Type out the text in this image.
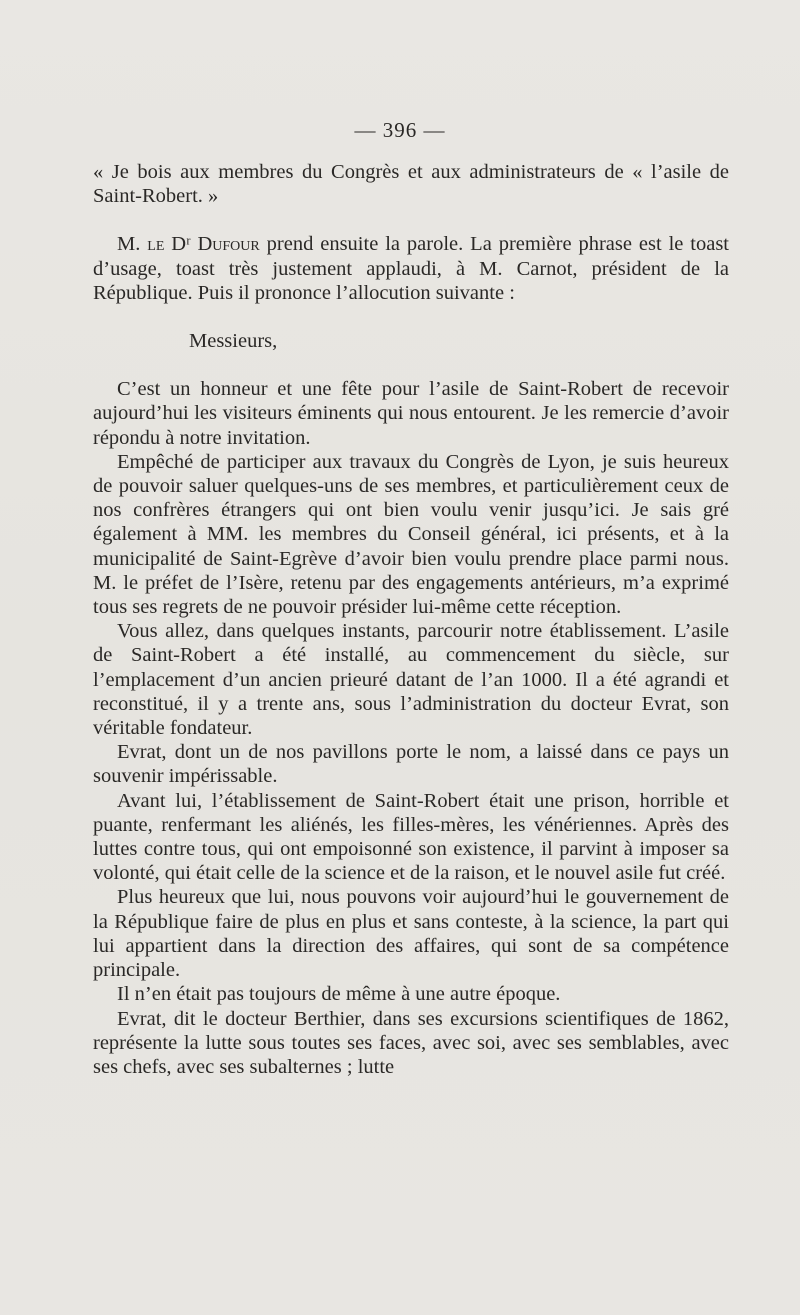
— 396 —

« Je bois aux membres du Congrès et aux administrateurs de « l’asile de Saint-Robert. »

M. le Dʳ Dufour prend ensuite la parole. La première phrase est le toast d’usage, toast très justement applaudi, à M. Carnot, président de la République. Puis il prononce l’allocution suivante :

Messieurs,

C’est un honneur et une fête pour l’asile de Saint-Robert de recevoir aujourd’hui les visiteurs éminents qui nous entourent. Je les remercie d’avoir répondu à notre invitation.

Empêché de participer aux travaux du Congrès de Lyon, je suis heureux de pouvoir saluer quelques-uns de ses membres, et particulièrement ceux de nos confrères étrangers qui ont bien voulu venir jusqu’ici. Je sais gré également à MM. les membres du Conseil général, ici présents, et à la municipalité de Saint-Egrève d’avoir bien voulu prendre place parmi nous. M. le préfet de l’Isère, retenu par des engagements antérieurs, m’a exprimé tous ses regrets de ne pouvoir présider lui-même cette réception.

Vous allez, dans quelques instants, parcourir notre établissement. L’asile de Saint-Robert a été installé, au commencement du siècle, sur l’emplacement d’un ancien prieuré datant de l’an 1000. Il a été agrandi et reconstitué, il y a trente ans, sous l’administration du docteur Evrat, son véritable fondateur.

Evrat, dont un de nos pavillons porte le nom, a laissé dans ce pays un souvenir impérissable.

Avant lui, l’établissement de Saint-Robert était une prison, horrible et puante, renfermant les aliénés, les filles-mères, les vénériennes. Après des luttes contre tous, qui ont empoisonné son existence, il parvint à imposer sa volonté, qui était celle de la science et de la raison, et le nouvel asile fut créé.

Plus heureux que lui, nous pouvons voir aujourd’hui le gouvernement de la République faire de plus en plus et sans conteste, à la science, la part qui lui appartient dans la direction des affaires, qui sont de sa compétence principale.

Il n’en était pas toujours de même à une autre époque.

Evrat, dit le docteur Berthier, dans ses excursions scientifiques de 1862, représente la lutte sous toutes ses faces, avec soi, avec ses semblables, avec ses chefs, avec ses subalternes ; lutte
